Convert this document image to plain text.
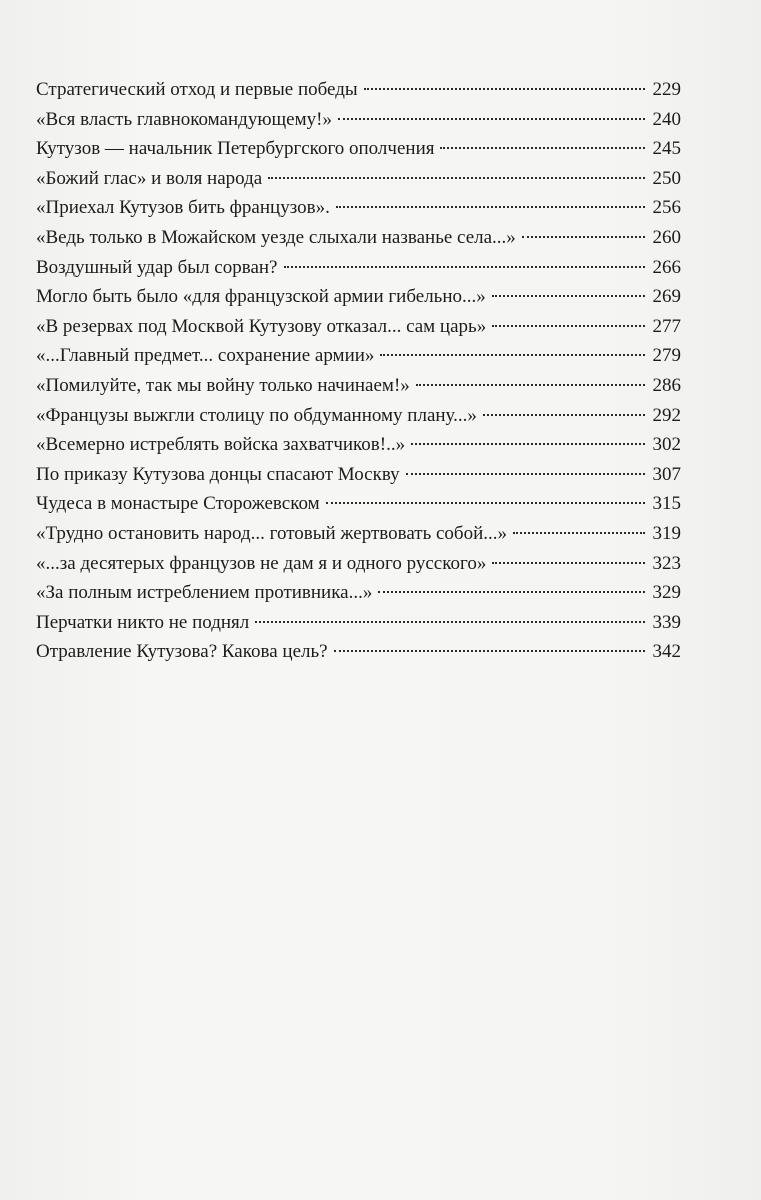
Стратегический отход и первые победы	229
«Вся власть главнокомандующему!»	240
Кутузов — начальник Петербургского ополчения	245
«Божий глас» и воля народа	250
«Приехал Кутузов бить французов».	256
«Ведь только в Можайском уезде слыхали названье села...»	260
Воздушный удар был сорван?	266
Могло быть было «для французской армии гибельно...»	269
«В резервах под Москвой Кутузову отказал... сам царь»	277
«...Главный предмет... сохранение армии»	279
«Помилуйте, так мы войну только начинаем!»	286
«Французы выжгли столицу по обдуманному плану...»	292
«Всемерно истреблять войска захватчиков!..»	302
По приказу Кутузова донцы спасают Москву	307
Чудеса в монастыре Сторожевском	315
«Трудно остановить народ... готовый жертвовать собой...»	319
«...за десятерых французов не дам я и одного русского»	323
«За полным истреблением противника...»	329
Перчатки никто не поднял	339
Отравление Кутузова? Какова цель?	342
